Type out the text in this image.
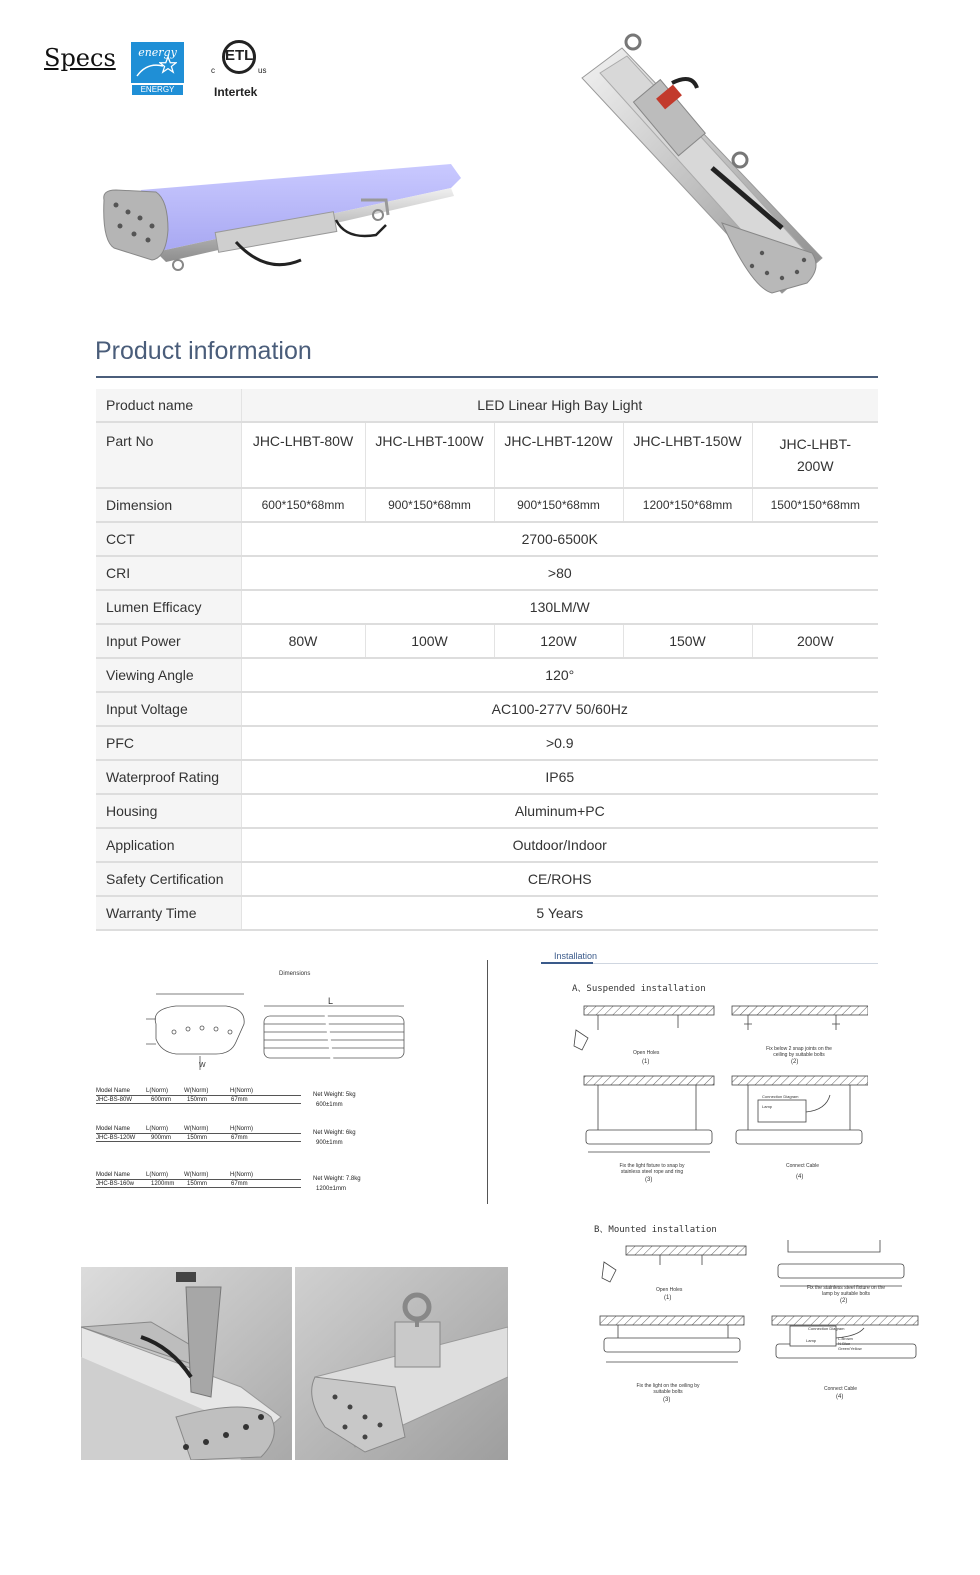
Specs	energy
ENERGY STAR
ETL
c	us
Intertek
Product information
Product name	LED Linear High Bay Light				
Part No	JHC-LHBT-80W	JHC-LHBT-100W	JHC-LHBT-120W	JHC-LHBT-150W	JHC-LHBT-200W
Dimension	600*150*68mm	900*150*68mm	900*150*68mm	1200*150*68mm	1500*150*68mm
CCT	2700-6500K				
CRI	>80				
Lumen Efficacy	130LM/W				
Input Power	80W	100W	120W	150W	200W
Viewing Angle	120°				
Input Voltage	AC100-277V 50/60Hz				
PFC	>0.9				
Waterproof Rating	IP65				
Housing	Aluminum+PC				
Application	Outdoor/Indoor				
Safety Certification	CE/ROHS				
Warranty Time	5 Years				
Dimensions
L
W
Model Name	L(Norm)	W(Norm)	H(Norm)
JHC-BS-80W	600mm	150mm	67mm
Net Weight: 5kg
600±1mm
Model Name	L(Norm)	W(Norm)	H(Norm)
JHC-BS-120W	900mm	150mm	67mm
Net Weight: 6kg
900±1mm
Model Name	L(Norm)	W(Norm)	H(Norm)
JHC-BS-160w	1200mm	150mm	67mm
Net Weight: 7.8kg
1200±1mm
Installation
A、Suspended installation
Open Holes
(1)
Fix below 2 snap joints on the ceiling by suitable bolts
(2)
Fix the light fixture to snap by stainless steel rope and ring
(3)
Connect Cable
(4)
Connection Diagram
Lamp
B、Mounted installation
Open Holes
(1)
Fix the stainless steel fixture on the lamp by suitable bolts
(2)
Fix the light on the ceiling by suitable bolts
(3)
Connect Cable
(4)
Connection Diagram
Lamp	L-Brown
N-Blue
Green/Yellow
